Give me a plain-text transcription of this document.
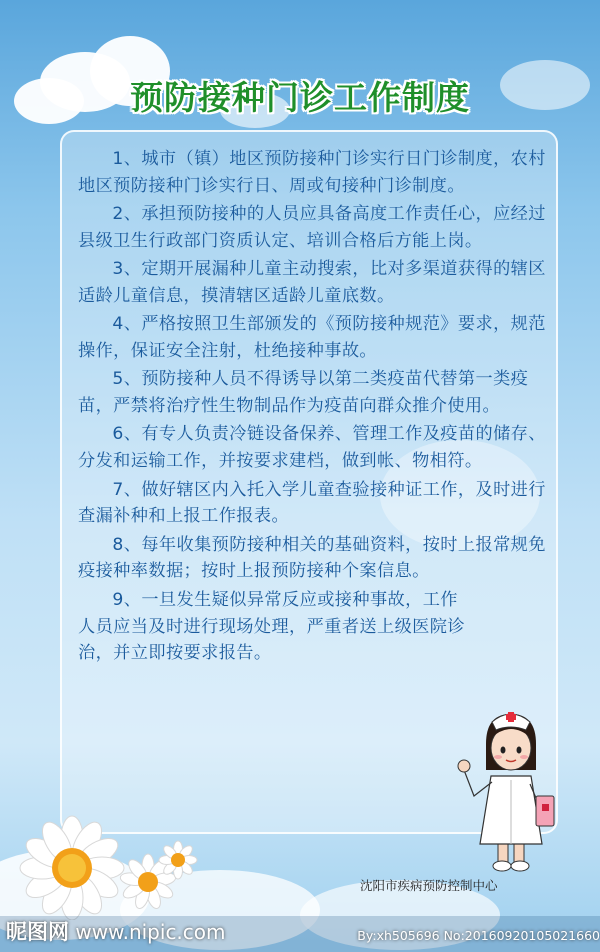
预防接种门诊工作制度

1、城市（镇）地区预防接种门诊实行日门诊制度，农村地区预防接种门诊实行日、周或旬接种门诊制度。

2、承担预防接种的人员应具备高度工作责任心，应经过县级卫生行政部门资质认定、培训合格后方能上岗。

3、定期开展漏种儿童主动搜索，比对多渠道获得的辖区适龄儿童信息，摸清辖区适龄儿童底数。

4、严格按照卫生部颁发的《预防接种规范》要求，规范操作，保证安全注射，杜绝接种事故。

5、预防接种人员不得诱导以第二类疫苗代替第一类疫苗，严禁将治疗性生物制品作为疫苗向群众推介使用。

6、有专人负责冷链设备保养、管理工作及疫苗的储存、分发和运输工作，并按要求建档，做到帐、物相符。

7、做好辖区内入托入学儿童查验接种证工作，及时进行查漏补种和上报工作报表。

8、每年收集预防接种相关的基础资料，按时上报常规免疫接种率数据；按时上报预防接种个案信息。

9、一旦发生疑似异常反应或接种事故，工作人员应当及时进行现场处理，严重者送上级医院诊治，并立即按要求报告。

沈阳市疾病预防控制中心
昵图网 www.nipic.com	By:xh505696 No:20160920105021660
